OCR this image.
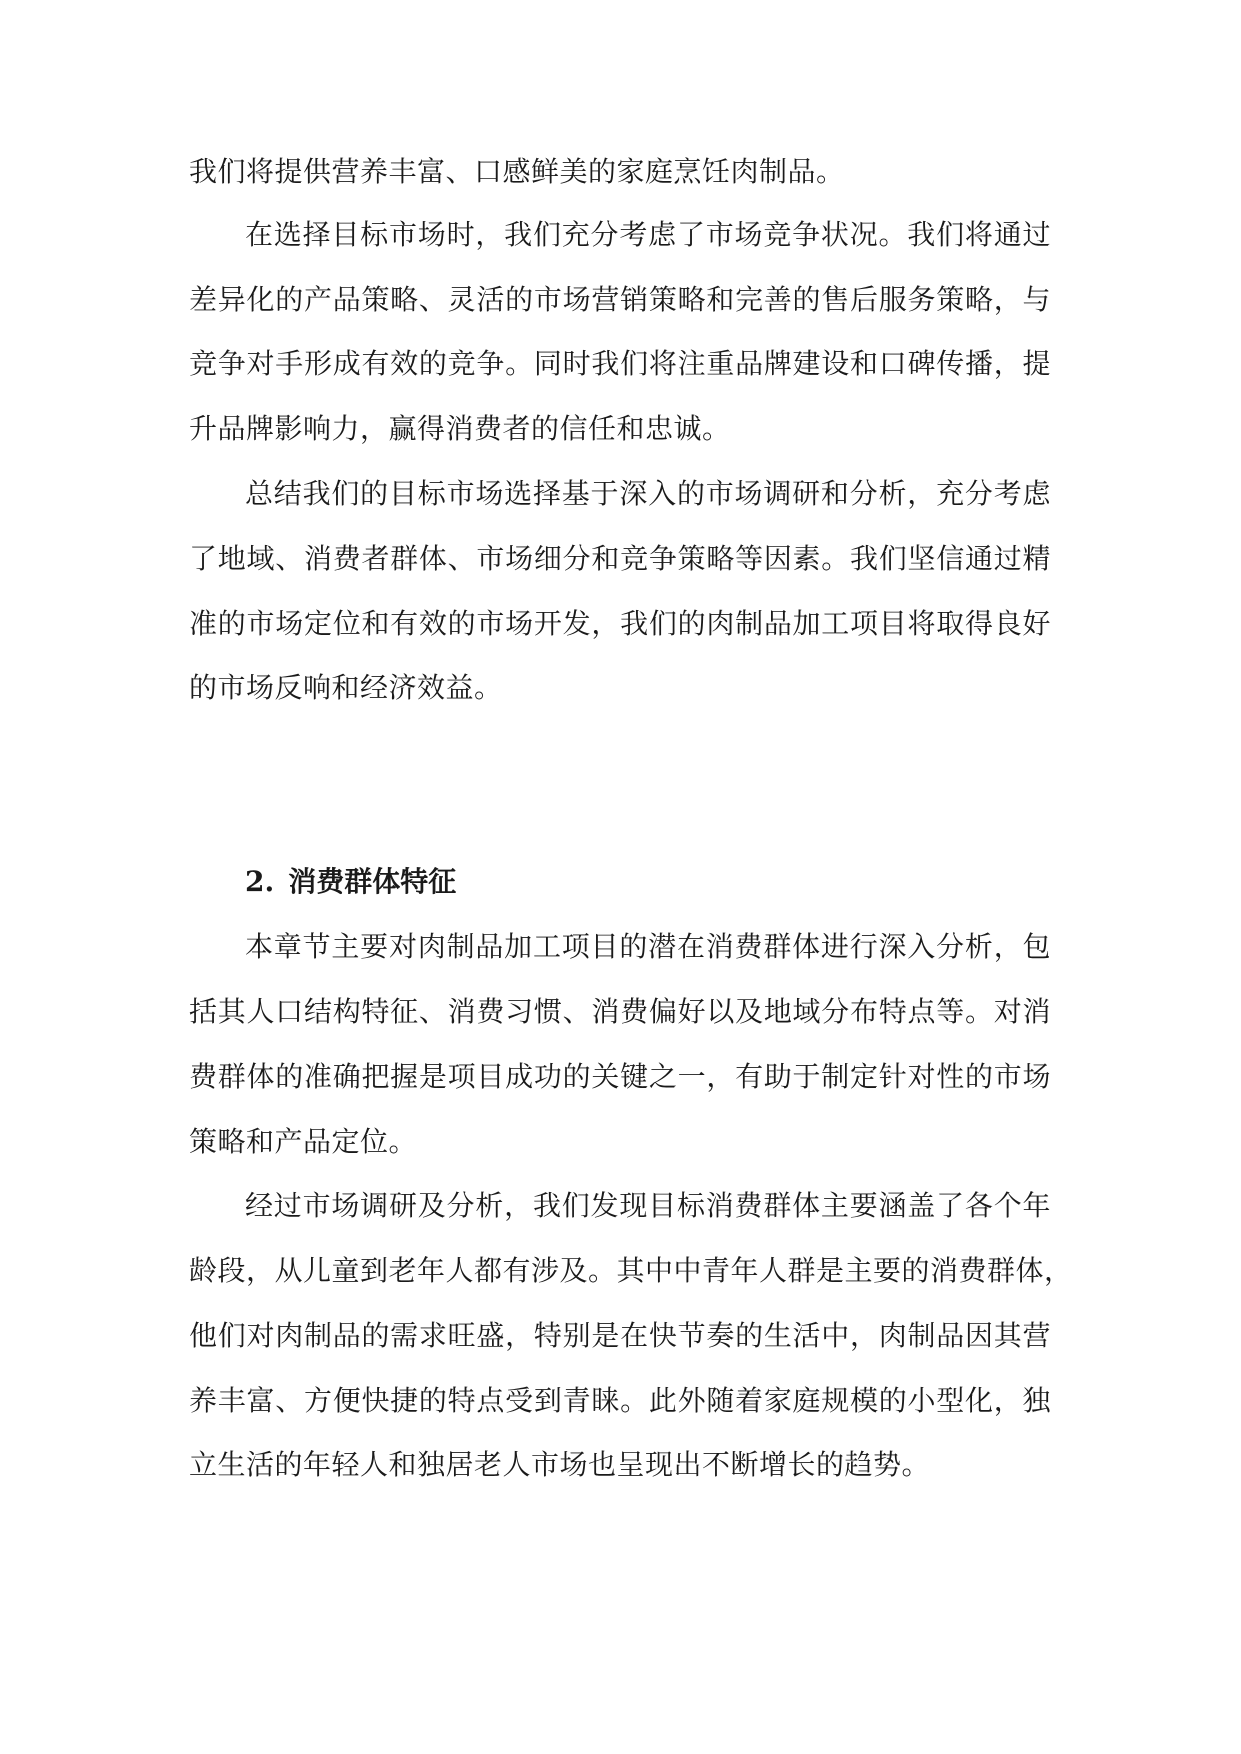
我们将提供营养丰富、口感鲜美的家庭烹饪肉制品。
在选择目标市场时，我们充分考虑了市场竞争状况。我们将通过
差异化的产品策略、灵活的市场营销策略和完善的售后服务策略，与
竞争对手形成有效的竞争。同时我们将注重品牌建设和口碑传播，提
升品牌影响力，赢得消费者的信任和忠诚。
总结我们的目标市场选择基于深入的市场调研和分析，充分考虑
了地域、消费者群体、市场细分和竞争策略等因素。我们坚信通过精
准的市场定位和有效的市场开发，我们的肉制品加工项目将取得良好
的市场反响和经济效益。
2. 消费群体特征
本章节主要对肉制品加工项目的潜在消费群体进行深入分析，包
括其人口结构特征、消费习惯、消费偏好以及地域分布特点等。对消
费群体的准确把握是项目成功的关键之一，有助于制定针对性的市场
策略和产品定位。
经过市场调研及分析，我们发现目标消费群体主要涵盖了各个年
龄段，从儿童到老年人都有涉及。其中中青年人群是主要的消费群体，
他们对肉制品的需求旺盛，特别是在快节奏的生活中，肉制品因其营
养丰富、方便快捷的特点受到青睐。此外随着家庭规模的小型化，独
立生活的年轻人和独居老人市场也呈现出不断增长的趋势。
